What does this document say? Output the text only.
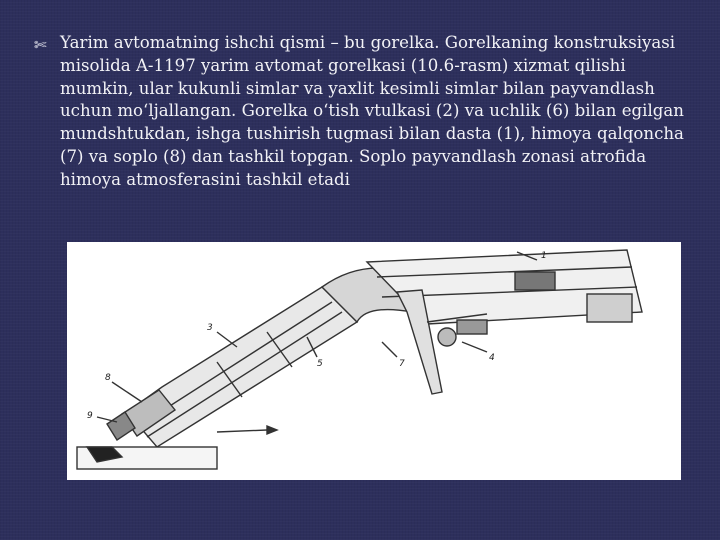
✄ Yarim avtomatning ishchi qismi – bu gorelka. Gorelkaning konstruksiyasi misolida A-1197 yarim avtomat gorelkasi (10.6-rasm) xizmat qilishi mumkin, ular kukunli simlar va yaxlit kesimli simlar bilan payvandlash uchun mo‘ljallangan. Gorelka o‘tish vtulkasi (2) va uchlik (6) bilan egilgan mundshtukdan, ishga tushirish tugmasi bilan dasta (1), himoya qalqoncha (7) va soplo (8) dan tashkil topgan. Soplo payvandlash zonasi atrofida himoya atmosferasini tashkil etadi

1
4
7
5
3
8
9
